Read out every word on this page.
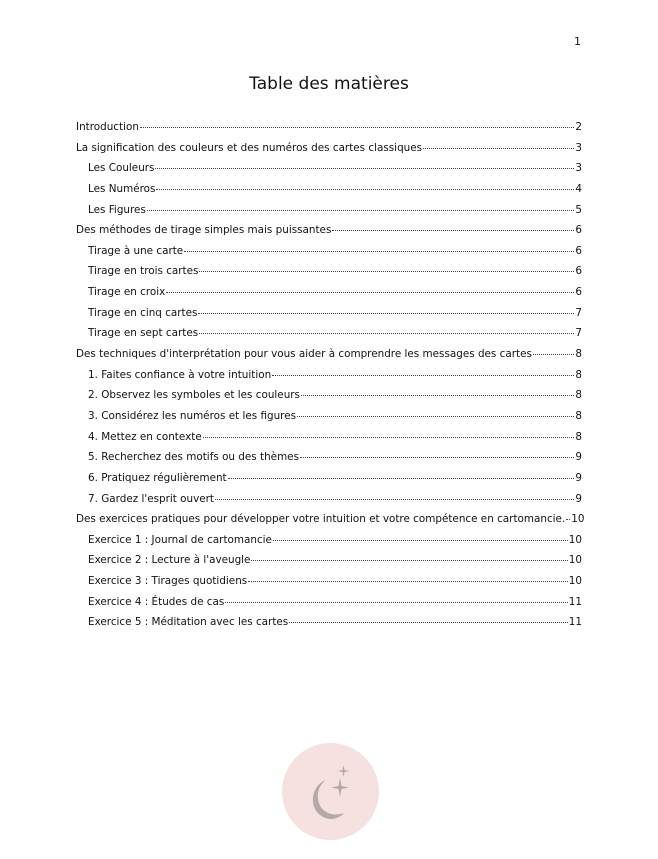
1
Table des matières
Introduction	2
La signification des couleurs et des numéros des cartes classiques	3
Les Couleurs	3
Les Numéros	4
Les Figures	5
Des méthodes de tirage simples mais puissantes	6
Tirage à une carte	6
Tirage en trois cartes	6
Tirage en croix	6
Tirage en cinq cartes	7
Tirage en sept cartes	7
Des techniques d'interprétation pour vous aider à comprendre les messages des cartes	8
1. Faites confiance à votre intuition	8
2. Observez les symboles et les couleurs	8
3. Considérez les numéros et les figures	8
4. Mettez en contexte	8
5. Recherchez des motifs ou des thèmes	9
6. Pratiquez régulièrement	9
7. Gardez l'esprit ouvert	9
Des exercices pratiques pour développer votre intuition et votre compétence en cartomancie. 10
Exercice 1 : Journal de cartomancie	10
Exercice 2 : Lecture à l'aveugle	10
Exercice 3 : Tirages quotidiens	10
Exercice 4 : Études de cas	11
Exercice 5 : Méditation avec les cartes	11
